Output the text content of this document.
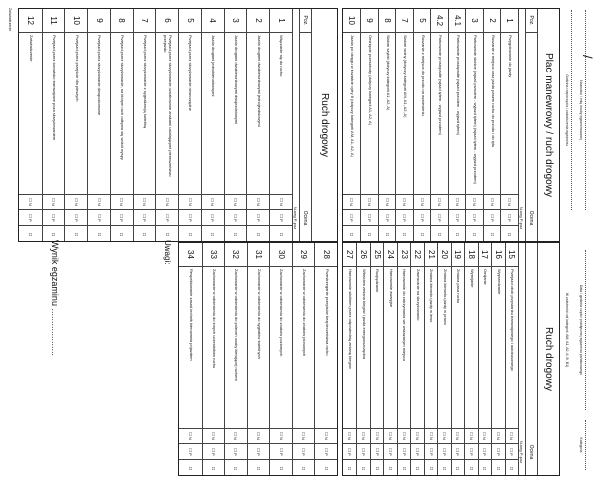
Nazwisko i imię osoby egzaminowanej
Godzina rozpoczęcia / zakończenia egzaminu
/
Data i godzina części praktycznej egzaminu państwowego
W zależności od kategorii: AM, A1, A2, A, B, B1)
Kategoria
Plac manewrowy / ruch drogowy
Poz.
Ocena
N-neg P-poz
1
Przygotowanie do jazdy
☐ N
☐ P
☐
2
Ruszanie z miejsca oraz jazda pasem ruchu do przodu i do tyłu
☐ N
☐ P
☐
3
Parkowanie skośne (wjazd przodem - wyjazd tyłem) (wjazd tyłem - wyjazd przodem)
☐ N
☐ P
☐
4.1
Parkowanie prostopadłe (wjazd przodem - wyjazd tyłem)
☐ N
☐ P
☐
4.2
Parkowanie prostopadłe (wjazd tyłem - wyjazd przodem)
☐ N
☐ P
☐
5
Ruszanie z miejsca do przodu na wzniesieniu
☐ N
☐ P
☐
7
Slalom wolny (dotyczy kategorii AM, A1, A2, A)
☐ N
☐ P
☐
8
Slalom szybki (dotyczy kategorii A1, A2, A)
☐ N
☐ P
☐
9
Ominięcie przeszkody (dotyczy kategorii A1, A2, A)
☐ N
☐ P
☐
10
Jazda po okręgu w kształcie cyfry 8 (dotyczy kategorii AM, A1, A2, A)
☐ N
☐ P
☐
Ruch drogowy
Ocena
N-neg P-poz
15
Przejazd obok przystanku tramwajowego i autobusowego
☐ N
☐ P
☐
16
Wyprzedzanie
☐ N
☐ P
☐
17
Omijanie
☐ N
☐ P
☐
18
Wymijanie
☐ N
☐ P
☐
19
Zmiana pasa ruchu
☐ N
☐ P
☐
20
Zmiana kierunku jazdy w prawo
☐ N
☐ P
☐
21
Zmiana kierunku jazdy w lewo
☐ N
☐ P
☐
22
Zawracanie na skrzyżowaniu
☐ N
☐ P
☐
23
Hamowanie do zatrzymania we wskazanym miejscu
☐ N
☐ P
☐
24
Hamowanie awaryjne
☐ N
☐ P
☐
25
Rozpędzanie
☐ N
☐ P
☐
26
Właściwa zmiana biegów i jazda energooszczędna
☐ N
☐ P
☐
27
Hamowanie silnikiem przez odpowiednią zmianę biegów
☐ N
☐ P
☐
Ruch drogowy
Poz.
Ocena
N-neg P-poz
1
Włączanie się do ruchu
☐ N
☐ P
☐
2
Jazda drogami dwukierunkowymi jednojezdniowymi
☐ N
☐ P
☐
3
Jazda drogami dwukierunkowymi dwujezdniowymi
☐ N
☐ P
☐
4
Jazda drogami jednokierunkowymi
☐ N
☐ P
☐
5
Przejazd przez skrzyżowanie równorzędne
☐ N
☐ P
☐
6
Przejazd przez skrzyżowanie oznakowane znakami ustalającymi pierwszeństwo przejazdu
☐ N
☐ P
☐
7
Przejazd przez skrzyżowanie z sygnalizacją świetlną
☐ N
☐ P
☐
8
Przejazd przez skrzyżowanie, na którym ruch odbywa się wokół wyspy
☐ N
☐ P
☐
9
Przejazd przez skrzyżowanie dwupoziomowe
☐ N
☐ P
☐
10
Przejazd przez przejście dla pieszych
☐ N
☐ P
☐
11
Przejazd przez torowisko tramwajowe poza skrzyżowaniem
☐ N
☐ P
☐
12
Zaświadczenie
☐ N
☐ P
☐
28
Przestrzeganie przepisów bezpieczeństwa ruchu
☐ N
☐ P
☐
29
Zachowanie w odniesieniu do znaków pionowych
☐ N
☐ P
☐
30
Zachowanie w odniesieniu do znaków poziomych
☐ N
☐ P
☐
31
Zachowanie w odniesieniu do sygnałów świetlnych
☐ N
☐ P
☐
32
Zachowanie w odniesieniu do poleceń osoby kierującej ruchem
☐ N
☐ P
☐
33
Zachowanie w odniesieniu do innych uczestników ruchu
☐ N
☐ P
☐
34
Respektowanie zasad technik kierowania pojazdem
☐ N
☐ P
☐
Uwagi:
Wynik egzaminu ...................
Zaświadczenie
